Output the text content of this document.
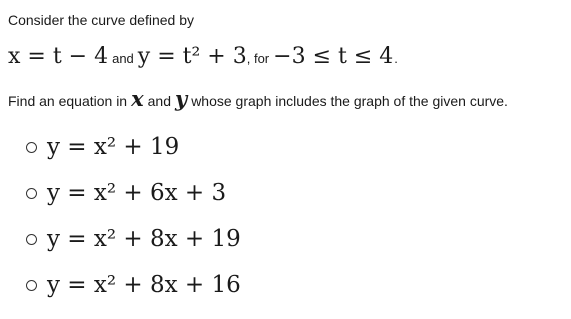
Consider the curve defined by
x = t − 4 and y = t² + 3 , for −3 ≤ t ≤ 4 .
Find an equation in x and y whose graph includes the graph of the given curve.
y = x² + 19
y = x² + 6x + 3
y = x² + 8x + 19
y = x² + 8x + 16
